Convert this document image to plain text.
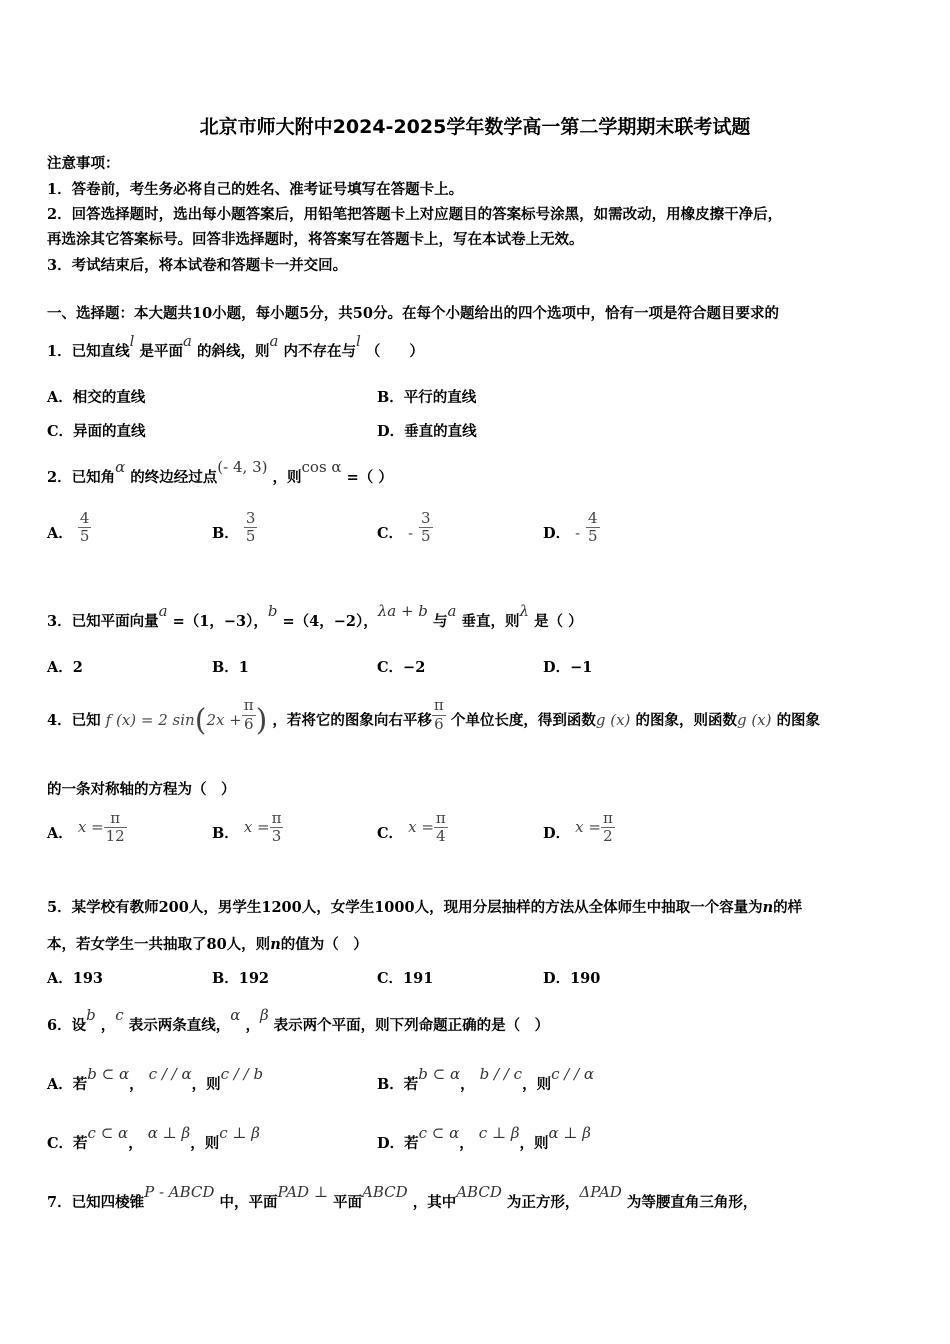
北京市师大附中2024-2025学年数学高一第二学期期末联考试题
注意事项：
1．答卷前，考生务必将自己的姓名、准考证号填写在答题卡上。
2．回答选择题时，选出每小题答案后，用铅笔把答题卡上对应题目的答案标号涂黑，如需改动，用橡皮擦干净后，
再选涂其它答案标号。回答非选择题时，将答案写在答题卡上，写在本试卷上无效。
3．考试结束后，将本试卷和答题卡一并交回。
一、选择题：本大题共10小题，每小题5分，共50分。在每个小题给出的四个选项中，恰有一项是符合题目要求的
1．已知直线l 是平面a 的斜线，则a 内不存在与l （　　）
A．相交的直线	B．平行的直线
C．异面的直线	D．垂直的直线
2．已知角α 的终边经过点(- 4, 3) ，则cos α =（ ）
A． $\frac{4}{5}$	B． $\frac{3}{5}$	C． - $\frac{3}{5}$	D． - $\frac{4}{5}$
3．已知平面向量a =（1，−3），b =（4，−2），λa + b 与a 垂直，则λ 是（ ）
A．2	B．1	C．−2	D．−1
4．已知 f (x) = 2 $\sin(2x + \frac{\pi}{6}$ ) ，若将它的图象向右平移 $\frac{\pi}{6}$ 个单位长度，得到函数g (x) 的图象，则函数g (x) 的图象
的一条对称轴的方程为（　）
A． $x = \frac{\pi}{12}$	B． $x = \frac{\pi}{3}$	C． $x = \frac{\pi}{4}$	D． $x = \frac{\pi}{2}$
5．某学校有教师200人，男学生1200人，女学生1000人，现用分层抽样的方法从全体师生中抽取一个容量为n的样
本，若女学生一共抽取了80人，则n的值为（　）
A．193	B．192	C．191	D．190
6．设b ，c 表示两条直线，α ，β 表示两个平面，则下列命题正确的是（　）
A．若b ⊂ α， c / / α，则c / / b
B．若b ⊂ α， b / / c，则c / / α
C．若c ⊂ α， α ⊥ β，则c ⊥ β
D．若c ⊂ α， c ⊥ β，则α ⊥ β
7．已知四棱锥P - ABCD 中，平面PAD ⊥ 平面ABCD ，其中ABCD 为正方形，ΔPAD 为等腰直角三角形，
